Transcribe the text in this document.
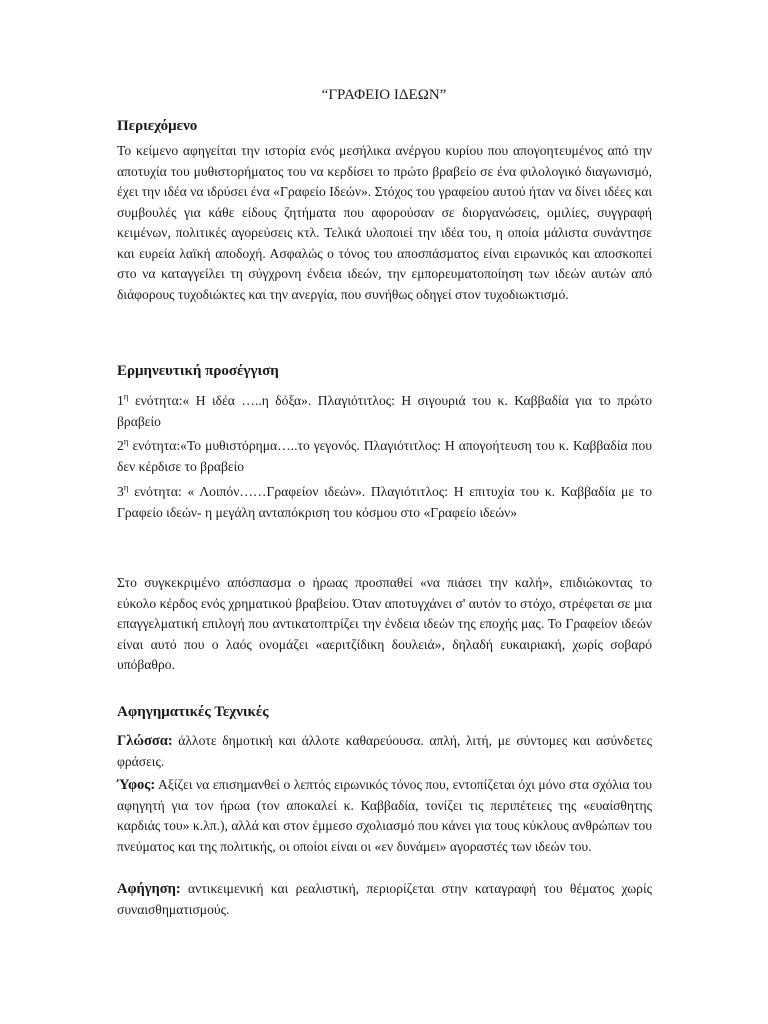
“ΓΡΑΦΕΙΟ ΙΔΕΩΝ”
Περιεχόμενο
Το κείμενο αφηγείται την ιστορία ενός μεσήλικα ανέργου κυρίου που απογοητευμένος από την αποτυχία του μυθιστορήματος του να κερδίσει το πρώτο βραβείο σε ένα φιλολογικό διαγωνισμό, έχει την ιδέα να ιδρύσει ένα «Γραφείο Ιδεών». Στόχος του γραφείου αυτού ήταν να δίνει ιδέες και συμβουλές για κάθε είδους ζητήματα που αφορούσαν σε διοργανώσεις, ομιλίες, συγγραφή κειμένων, πολιτικές αγορεύσεις κτλ. Τελικά υλοποιεί την ιδέα του, η οποία μάλιστα συνάντησε και ευρεία λαϊκή αποδοχή. Ασφαλώς ο τόνος του αποσπάσματος είναι ειρωνικός και αποσκοπεί στο να καταγγείλει τη σύγχρονη ένδεια ιδεών, την εμπορευματοποίηση των ιδεών αυτών από διάφορους τυχοδιώκτες και την ανεργία, που συνήθως οδηγεί στον τυχοδιωκτισμό.
Ερμηνευτική προσέγγιση
$1^\eta$ ενότητα:« Η ιδέα …..η δόξα». Πλαγιότιτλος: Η σιγουριά του κ. Καββαδία για το πρώτο βραβείο
$2^\eta$ ενότητα:«Το μυθιστόρημα…..το γεγονός. Πλαγιότιτλος: Η απογοήτευση του κ. Καββαδία που δεν κέρδισε το βραβείο
$3^\eta$ ενότητα: « Λοιπόν……Γραφείον ιδεών». Πλαγιότιτλος: Η επιτυχία του κ. Καββαδία με το Γραφείο ιδεών- η μεγάλη ανταπόκριση του κόσμου στο «Γραφείο ιδεών»
Στο συγκεκριμένο απόσπασμα ο ήρωας προσπαθεί «να πιάσει την καλή», επιδιώκοντας το εύκολο κέρδος ενός χρηματικού βραβείου. Όταν αποτυγχάνει σ' αυτόν το στόχο, στρέφεται σε μια επαγγελματική επιλογή που αντικατοπτρίζει την ένδεια ιδεών της εποχής μας. Το Γραφείον ιδεών είναι αυτό που ο λαός ονομάζει «αεριτζίδικη δουλειά», δηλαδή ευκαιριακή, χωρίς σοβαρό υπόβαθρο.
Αφηγηματικές Τεχνικές
Γλώσσα: άλλοτε δημοτική και άλλοτε καθαρεύουσα. απλή, λιτή, με σύντομες και ασύνδετες φράσεις.
Ύφος: Αξίζει να επισημανθεί ο λεπτός ειρωνικός τόνος που, εντοπίζεται όχι μόνο στα σχόλια του αφηγητή για τον ήρωα (τον αποκαλεί κ. Καββαδία, τονίζει τις περιπέτειες της «ευαίσθητης καρδιάς του» κ.λπ.), αλλά και στον έμμεσο σχολιασμό που κάνει για τους κύκλους ανθρώπων του πνεύματος και της πολιτικής, οι οποίοι είναι οι «εν δυνάμει» αγοραστές των ιδεών του.
Αφήγηση: αντικειμενική και ρεαλιστική, περιορίζεται στην καταγραφή του θέματος χωρίς συναισθηματισμούς.
